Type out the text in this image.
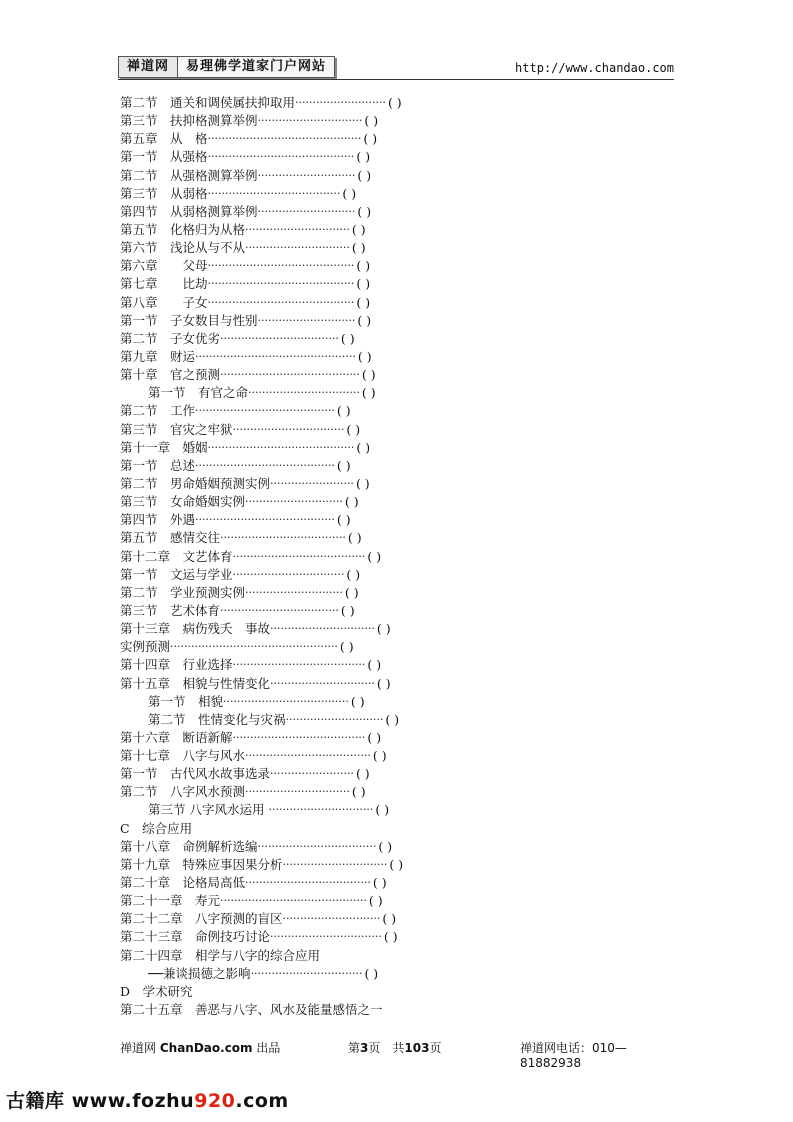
禅道网	易理佛学道家门户网站	http://www.chandao.com
第二节　通关和调侯属扶抑取用 ·························· ( )
第三节　扶抑格测算举例 ······························ ( )
第五章　从　格 ············································ ( )
第一节　从强格 ·········································· ( )
第二节　从强格测算举例 ···························· ( )
第三节　从弱格 ······································ ( )
第四节　从弱格测算举例 ···························· ( )
第五节　化格归为从格 ······························ ( )
第六节　浅论从与不从 ······························ ( )
第六章　　父母 ·········································· ( )
第七章　　比劫 ·········································· ( )
第八章　　子女 ·········································· ( )
第一节　子女数目与性别 ···························· ( )
第二节　子女优劣 ·································· ( )
第九章　财运 ·············································· ( )
第十章　官之预测 ········································ ( )
第一节　有官之命 ································ ( )
第二节　工作 ········································ ( )
第三节　官灾之牢狱 ································ ( )
第十一章　婚姻 ·········································· ( )
第一节　总述 ········································ ( )
第二节　男命婚姻预测实例 ························ ( )
第三节　女命婚姻实例 ···························· ( )
第四节　外遇 ········································ ( )
第五节　感情交往 ···································· ( )
第十二章　文艺体育 ······································ ( )
第一节　文运与学业 ································ ( )
第二节　学业预测实例 ···························· ( )
第三节　艺术体育 ·································· ( )
第十三章　病伤残夭　事故 ······························ ( )
实例预测 ················································ ( )
第十四章　行业选择 ······································ ( )
第十五章　相貌与性情变化 ······························ ( )
第一节　相貌 ···································· ( )
第二节　性情变化与灾祸 ···························· ( )
第十六章　断语新解 ······································ ( )
第十七章　八字与风水 ···································· ( )
第一节　古代风水故事选录 ························ ( )
第二节　八字风水预测 ······························ ( )
第三节 八字风水运用 ······························ ( )
C　综合应用
第十八章　命例解析选编 ·································· ( )
第十九章　特殊应事因果分析 ······························ ( )
第二十章　论格局高低 ···································· ( )
第二十一章　寿元 ·········································· ( )
第二十二章　八字预测的盲区 ···························· ( )
第二十三章　命例技巧讨论 ································ ( )
第二十四章　相学与八字的综合应用
──兼谈损德之影响 ································ ( )
D　学术研究
第二十五章　善恶与八字、风水及能量感悟之一
禅道网 ChanDao.com 出品	第3页　共103页	禅道网电话：010—81882938
古籍库 www.fozhu920.com
